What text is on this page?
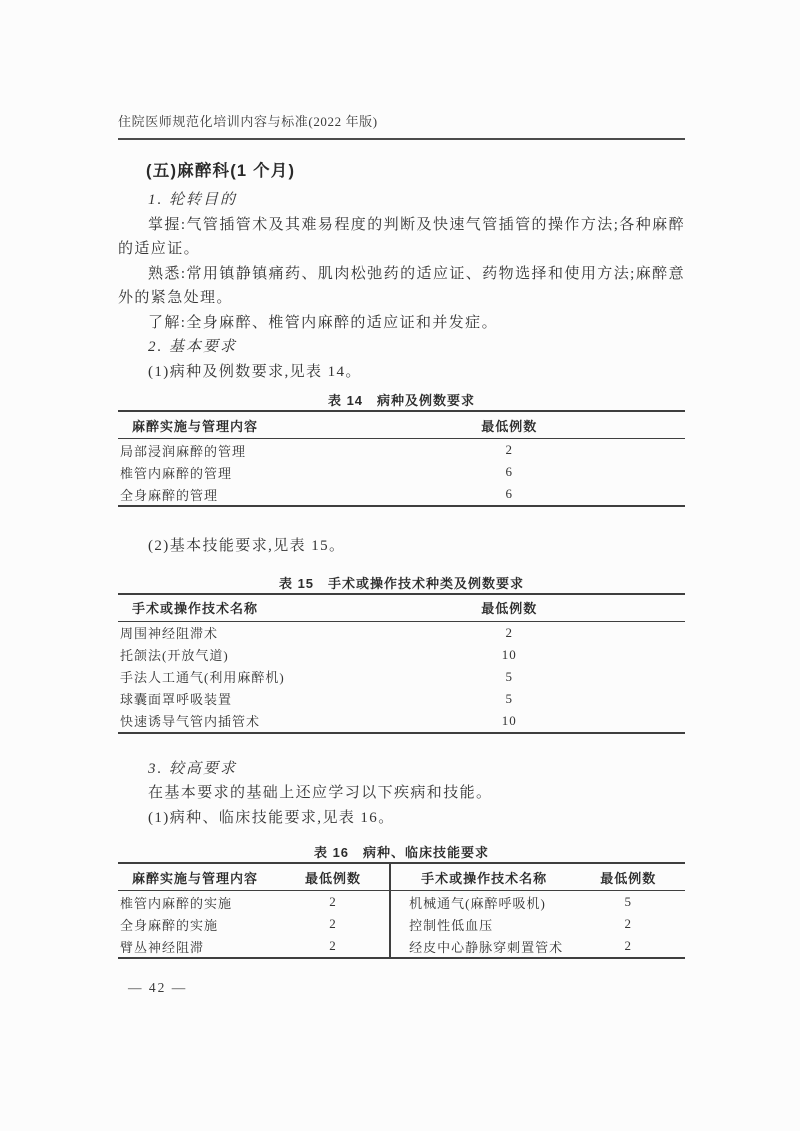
住院医师规范化培训内容与标准(2022 年版)
(五)麻醉科(1 个月)

1. 轮转目的

掌握:气管插管术及其难易程度的判断及快速气管插管的操作方法;各种麻醉的适应证。

熟悉:常用镇静镇痛药、肌肉松弛药的适应证、药物选择和使用方法;麻醉意外的紧急处理。

了解:全身麻醉、椎管内麻醉的适应证和并发症。

2. 基本要求

(1)病种及例数要求,见表 14。

表 14　病种及例数要求
麻醉实施与管理内容	最低例数
局部浸润麻醉的管理	2
椎管内麻醉的管理	6
全身麻醉的管理	6

(2)基本技能要求,见表 15。

表 15　手术或操作技术种类及例数要求
手术或操作技术名称	最低例数
周围神经阻滞术	2
托颌法(开放气道)	10
手法人工通气(利用麻醉机)	5
球囊面罩呼吸装置	5
快速诱导气管内插管术	10

3. 较高要求

在基本要求的基础上还应学习以下疾病和技能。

(1)病种、临床技能要求,见表 16。

表 16　病种、临床技能要求
麻醉实施与管理内容	最低例数	手术或操作技术名称	最低例数
椎管内麻醉的实施	2	机械通气(麻醉呼吸机)	5
全身麻醉的实施	2	控制性低血压	2
臂丛神经阻滞	2	经皮中心静脉穿刺置管术	2
— 42 —
